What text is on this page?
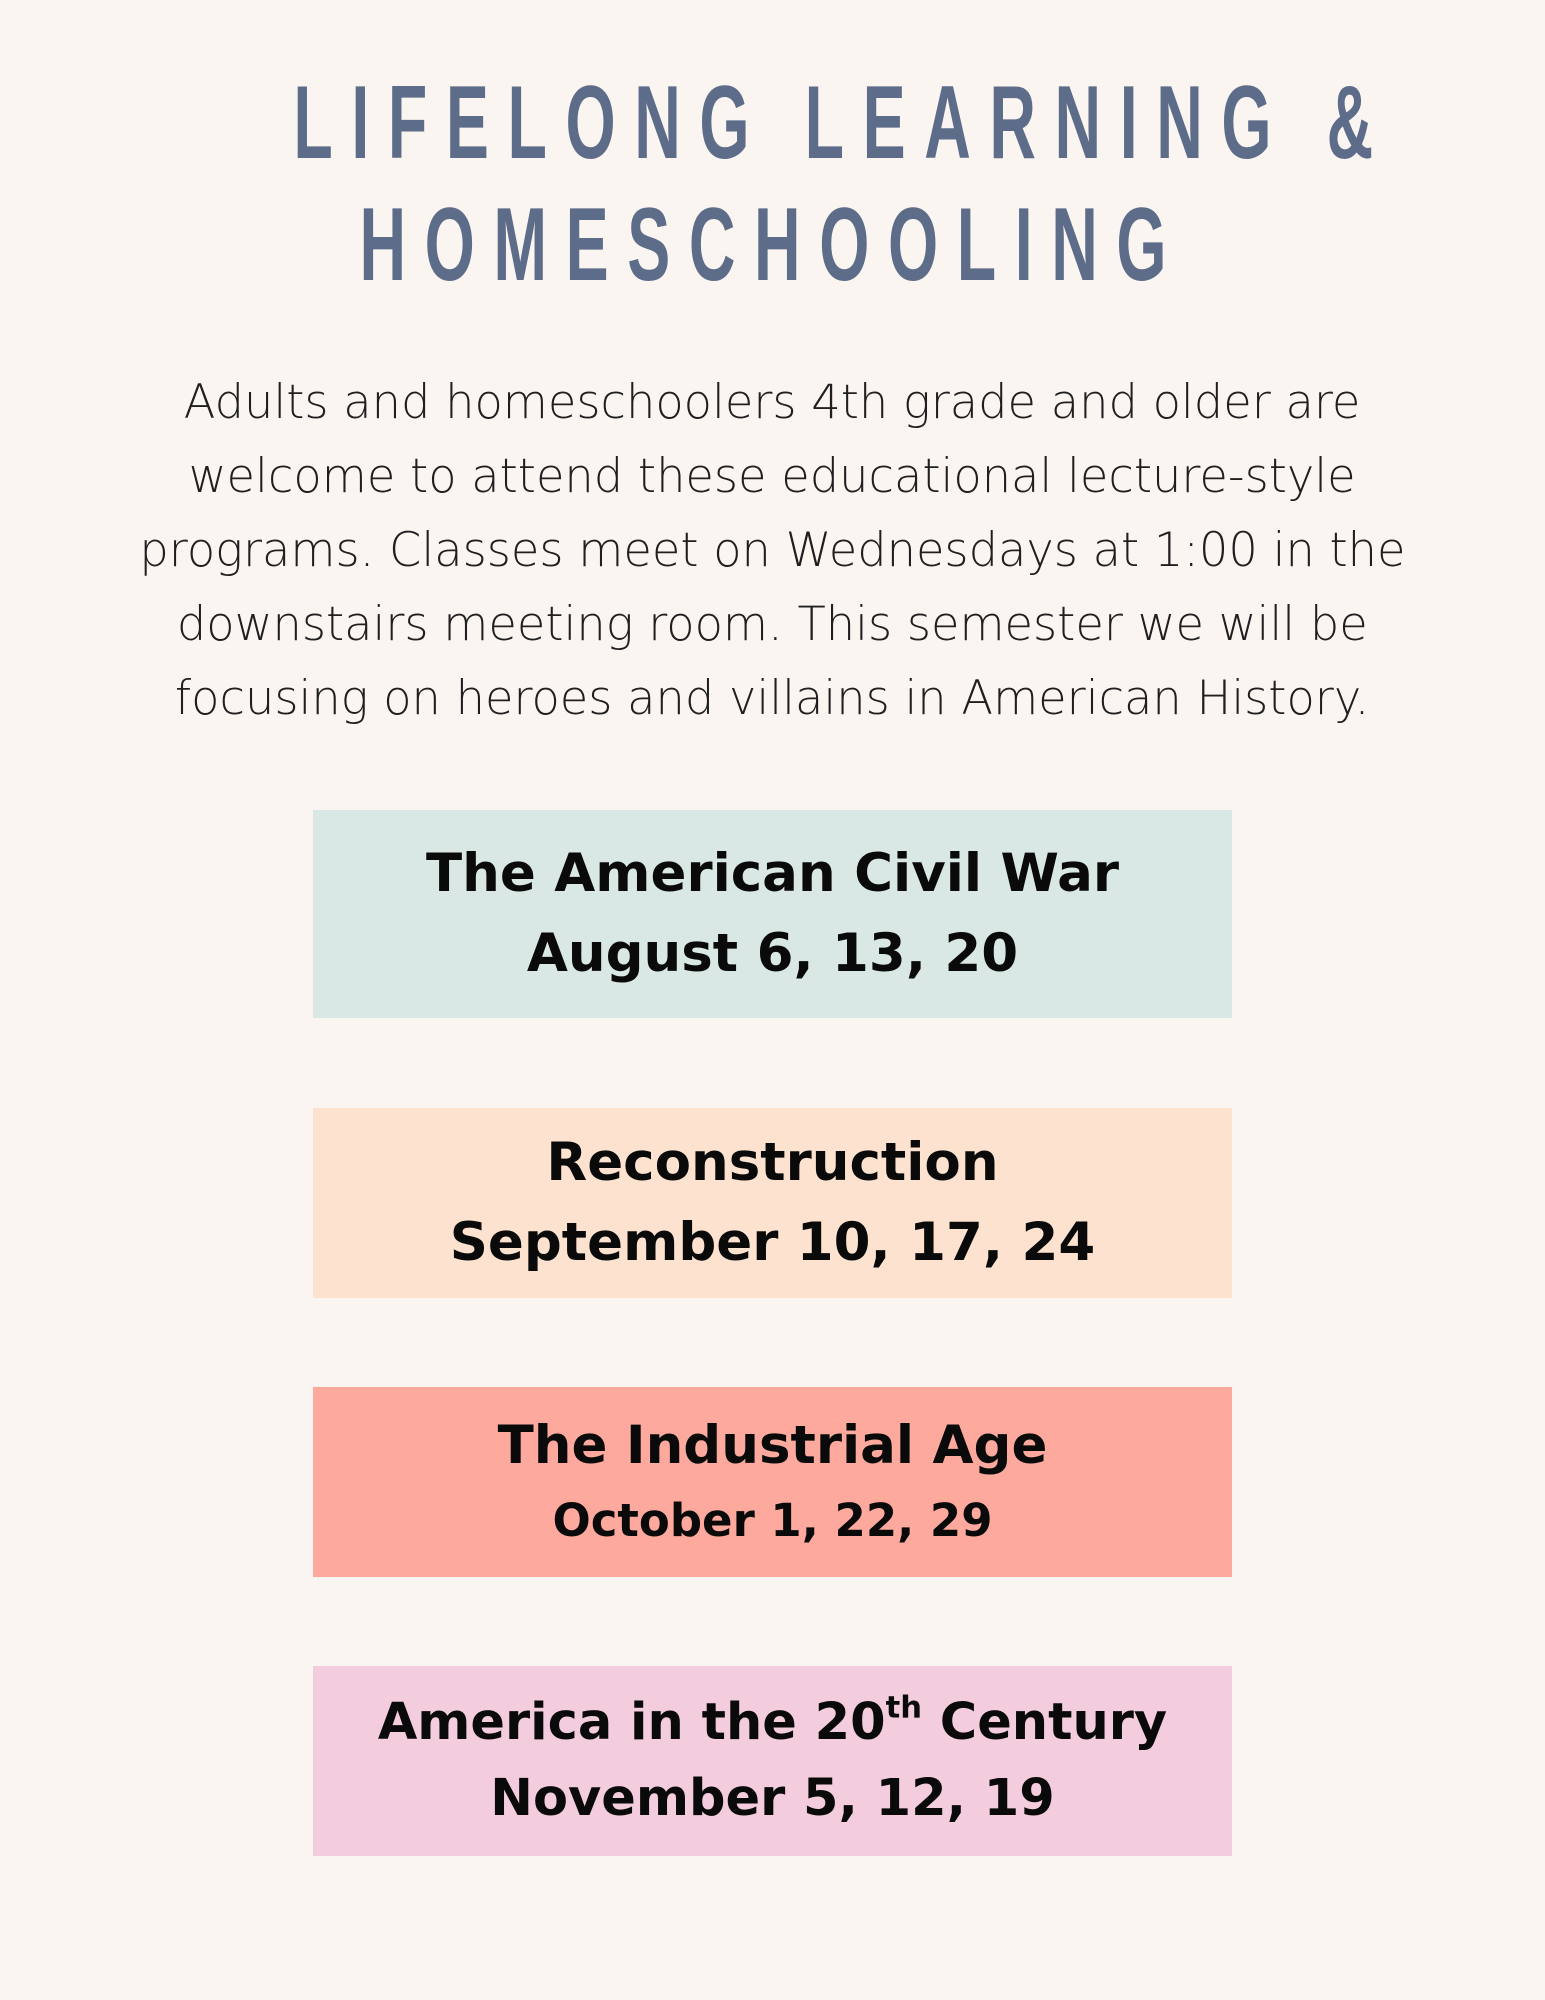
LIFELONG LEARNING &
HOMESCHOOLING

Adults and homeschoolers 4th grade and older are welcome to attend these educational lecture-style programs. Classes meet on Wednesdays at 1:00 in the downstairs meeting room. This semester we will be focusing on heroes and villains in American History.

The American Civil War
August 6, 13, 20
Reconstruction
September 10, 17, 24
The Industrial Age
October 1, 22, 29
America in the 20th Century
November 5, 12, 19
